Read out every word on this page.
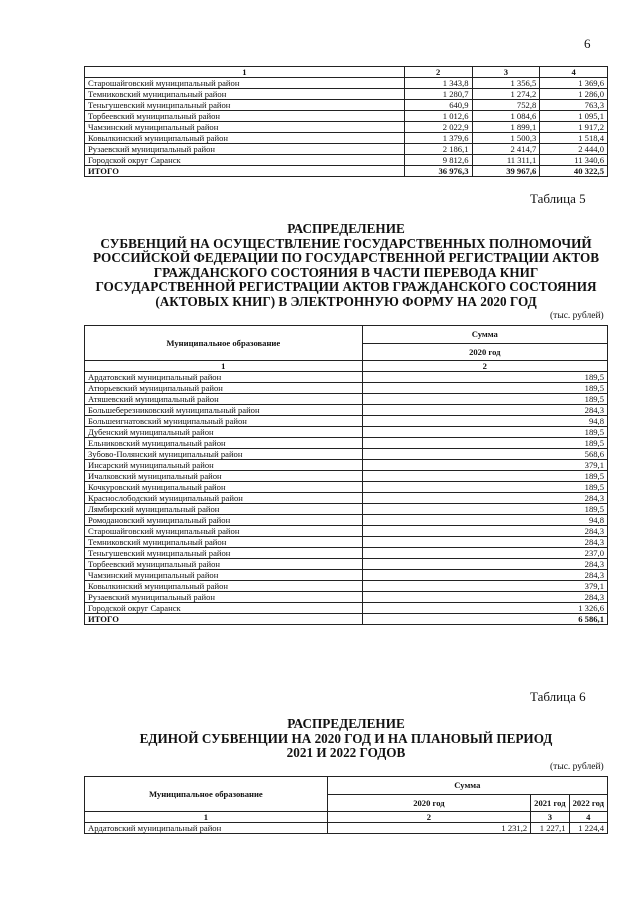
6
1	2	3	4
Старошайговский муниципальный район	1 343,8	1 356,5	1 369,6
Темниковский муниципальный район	1 280,7	1 274,2	1 286,0
Теньгушевский муниципальный район	640,9	752,8	763,3
Торбеевский муниципальный район	1 012,6	1 084,6	1 095,1
Чамзинский муниципальный район	2 022,9	1 899,1	1 917,2
Ковылкинский муниципальный район	1 379,6	1 500,3	1 518,4
Рузаевский муниципальный район	2 186,1	2 414,7	2 444,0
Городской округ Саранск	9 812,6	11 311,1	11 340,6
ИТОГО	36 976,3	39 967,6	40 322,5
Таблица 5
РАСПРЕДЕЛЕНИЕ
СУБВЕНЦИЙ НА ОСУЩЕСТВЛЕНИЕ ГОСУДАРСТВЕННЫХ ПОЛНОМОЧИЙ
РОССИЙСКОЙ ФЕДЕРАЦИИ ПО ГОСУДАРСТВЕННОЙ РЕГИСТРАЦИИ АКТОВ
ГРАЖДАНСКОГО СОСТОЯНИЯ В ЧАСТИ ПЕРЕВОДА КНИГ
ГОСУДАРСТВЕННОЙ РЕГИСТРАЦИИ АКТОВ ГРАЖДАНСКОГО СОСТОЯНИЯ
(АКТОВЫХ КНИГ) В ЭЛЕКТРОННУЮ ФОРМУ НА 2020 ГОД
(тыс. рублей)
Муниципальное образование	Сумма
	2020 год
1	2
Ардатовский муниципальный район	189,5
Атюрьевский муниципальный район	189,5
Атяшевский муниципальный район	189,5
Большеберезниковский муниципальный район	284,3
Большеигнатовский муниципальный район	94,8
Дубенский муниципальный район	189,5
Ельниковский муниципальный район	189,5
Зубово-Полянский муниципальный район	568,6
Инсарский муниципальный район	379,1
Ичалковский муниципальный район	189,5
Кочкуровский муниципальный район	189,5
Краснослободский муниципальный район	284,3
Лямбирский муниципальный район	189,5
Ромодановский муниципальный район	94,8
Старошайговский муниципальный район	284,3
Темниковский муниципальный район	284,3
Теньгушевский муниципальный район	237,0
Торбеевский муниципальный район	284,3
Чамзинский муниципальный район	284,3
Ковылкинский муниципальный район	379,1
Рузаевский муниципальный район	284,3
Городской округ Саранск	1 326,6
ИТОГО	6 586,1
Таблица 6
РАСПРЕДЕЛЕНИЕ
ЕДИНОЙ СУБВЕНЦИИ НА 2020 ГОД И НА ПЛАНОВЫЙ ПЕРИОД
2021 И 2022 ГОДОВ
(тыс. рублей)
Муниципальное образование	Сумма		
	2020 год	2021 год	2022 год
1	2	3	4
Ардатовский муниципальный район	1 231,2	1 227,1	1 224,4
